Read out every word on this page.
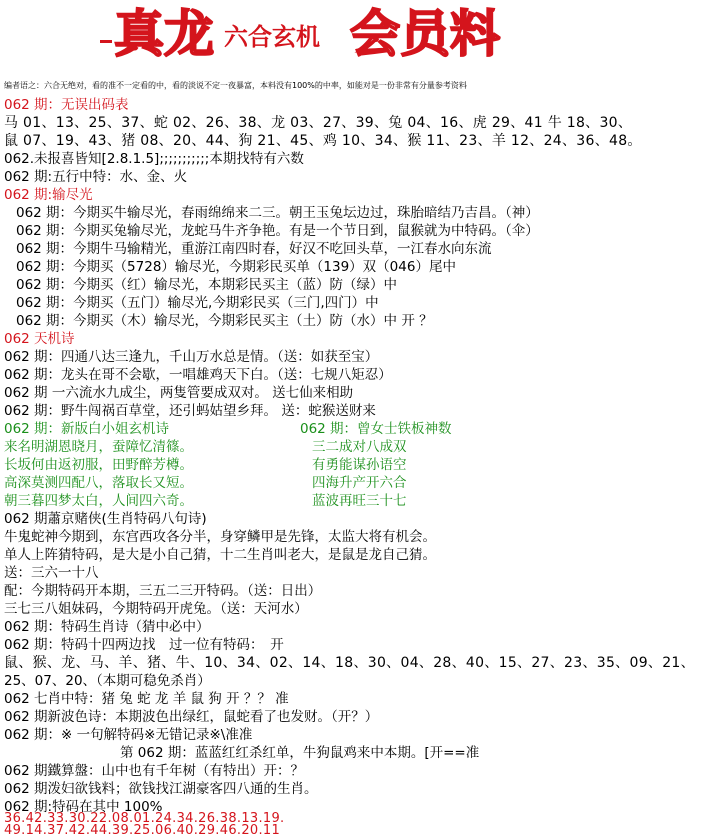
真龙 六合玄机 会员料
编者语之：六合无绝对，看的准不一定看的中，看的淡说不定一夜暴富，本料没有100%的中率，如能对是一份非常有分量参考资料
062 期：无误出码表
马 01、13、25、37、蛇 02、26、38、龙 03、27、39、兔 04、16、虎 29、41 牛 18、30、
鼠 07、19、43、猪 08、20、44、狗 21、45、鸡 10、34、猴 11、23、羊 12、24、36、48。
062.未报喜皆知[2.8.1.5];;;;;;;;;;;本期找特有六数
062 期:五行中特：水、金、火
062 期:输尽光
062 期：今期买牛输尽光，春雨绵绵来二三。朝王玉兔坛边过，珠胎暗结乃吉昌。（神）
062 期：今期买兔输尽光，龙蛇马牛齐争艳。有是一个节日到，鼠猴就为中特码。（伞）
062 期：今期牛马输精光，重游江南四时春，好汉不吃回头草，一江春水向东流
062 期：今期买（5728）输尽光，今期彩民买单（139）双（046）尾中
062 期：今期买（红）输尽光，本期彩民买主（蓝）防（绿）中
062 期：今期买（五门）输尽光,今期彩民买（三门,四门）中
062 期：今期买（木）输尽光，今期彩民买主（土）防（水）中 开 ？
062 天机诗
062 期：四通八达三逢九，千山万水总是情。（送：如获至宝）
062 期：龙头在哥不会歇，一唱雄鸡天下白。（送：七规八矩忍）
062 期 一六流水九成尘，两隻管要成双对。 送七仙来相助
062 期：野牛闯祸百草堂，还引蚂姑望乡拜。 送：蛇猴送财来
062 期：新版白小姐玄机诗	062 期：曾女士铁板神数
来名明湖恩晓月，蚕障忆清篠。	三二成对八成双
长坂何由返初服，田野醉芳樽。	有勇能谋孙语空
高深莫测四配八，落取长又短。	四海升产开六合
朝三暮四梦太白，人间四六奇。	蓝波再旺三十七
062 期蕭京赌侠(生肖特码八句诗)
牛鬼蛇神今期到，东宫西攻各分半，身穿鳞甲是先锋，太监大将有机会。
单人上阵猜特码，是大是小自己猜，十二生肖叫老大，是鼠是龙自己猜。
送：三六一十八
配：今期特码开本期，三五二三开特码。（送：日出）
三七三八姐妹码，今期特码开虎兔。（送：天河水）
062 期：特码生肖诗（猜中必中）
062 期：特码十四两边找　过一位有特码：　开
鼠、猴、龙、马、羊、猪、牛、10、34、02、14、18、30、04、28、40、15、27、23、35、09、21、
25、07、20、（本期可稳免杀肖）
062 七肖中特：猪 兔 蛇 龙 羊 鼠 狗 开 ？？ 准
062 期新波色诗：本期波色出绿红，鼠蛇看了也发财。（开？）
062 期：※ 一句解特码※无错记录※\准准
第 062 期：蓝蓝红红杀红单，牛狗鼠鸡来中本期。[开==准
062 期鐵算盤：山中也有千年树（有特出）开：？
062 期泼妇欲钱料；欲钱找江湖豪客四八通的生肖。
062 期:特码在其中 100%
36.42.33.30.22.08.01.24.34.26.38.13.19.
49.14.37.42.44.39.25.06.40.29.46.20.11
